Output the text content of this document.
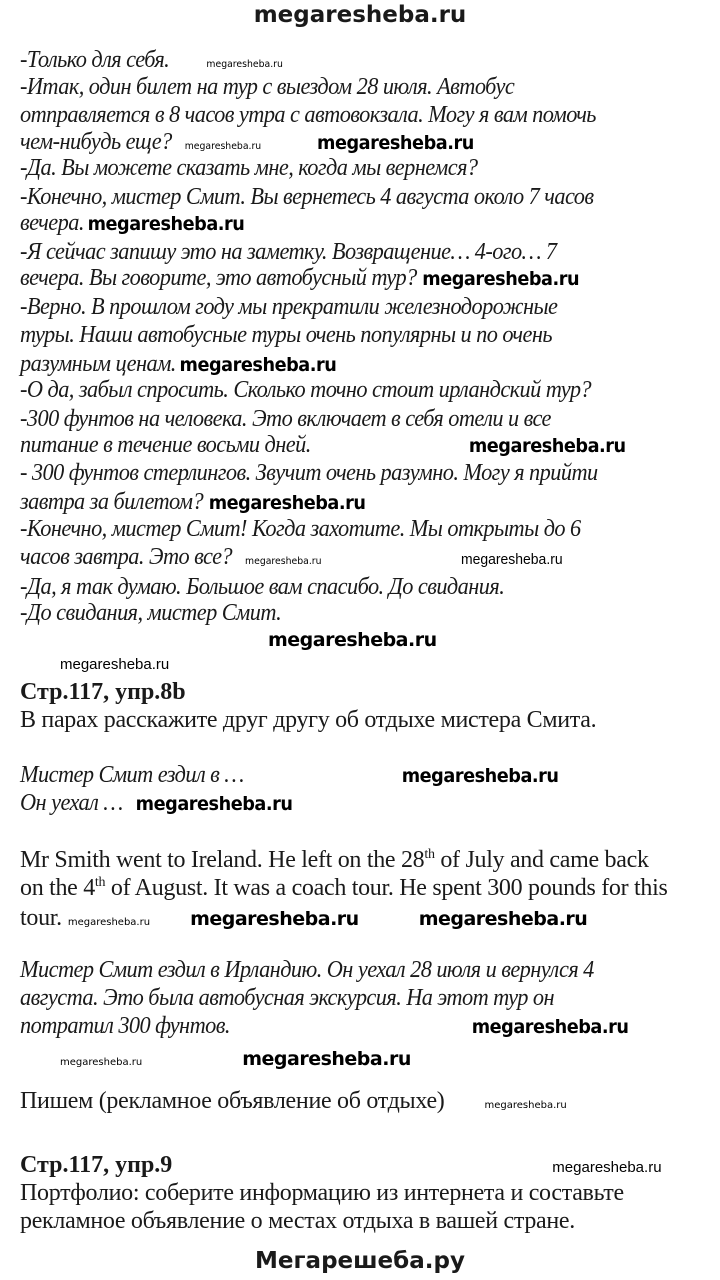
megaresheba.ru
-Только для себя.	megaresheba.ru
-Итак, один билет на тур с выездом 28 июля. Автобус
отправляется в 8 часов утра с автовокзала. Могу я вам помочь
чем-нибудь еще? megaresheba.ru	megaresheba.ru
-Да. Вы можете сказать мне, когда мы вернемся?
-Конечно, мистер Смит. Вы вернетесь 4 августа около 7 часов
вечера. megaresheba.ru
-Я сейчас запишу это на заметку. Возвращение… 4-ого… 7
вечера. Вы говорите, это автобусный тур? megaresheba.ru
-Верно. В прошлом году мы прекратили железнодорожные
туры. Наши автобусные туры очень популярны и по очень
разумным ценам. megaresheba.ru
-О да, забыл спросить. Сколько точно стоит ирландский тур?
-300 фунтов на человека. Это включает в себя отели и все
питание в течение восьми дней.	megaresheba.ru
- 300 фунтов стерлингов. Звучит очень разумно. Могу я прийти
завтра за билетом? megaresheba.ru
-Конечно, мистер Смит! Когда захотите. Мы открыты до 6
часов завтра. Это все? megaresheba.ru	megaresheba.ru
-Да, я так думаю. Большое вам спасибо. До свидания.
-До свидания, мистер Смит.
megaresheba.ru
megaresheba.ru
Стр.117, упр.8b
В парах расскажите друг другу об отдыхе мистера Смита.
Мистер Смит ездил в …	megaresheba.ru
Он уехал … megaresheba.ru
Mr Smith went to Ireland. He left on the 28th of July and came back
on the 4th of August. It was a coach tour. He spent 300 pounds for this
tour. megaresheba.ru megaresheba.ru	megaresheba.ru
Мистер Смит ездил в Ирландию. Он уехал 28 июля и вернулся 4
августа. Это была автобусная экскурсия. На этот тур он
потратил 300 фунтов.	megaresheba.ru
megaresheba.ru	megaresheba.ru
Пишем (рекламное объявление об отдыхе)	megaresheba.ru
Стр.117, упр.9	megaresheba.ru
Портфолио: соберите информацию из интернета и составьте
рекламное объявление о местах отдыха в вашей стране.
Мегарешеба.ру
